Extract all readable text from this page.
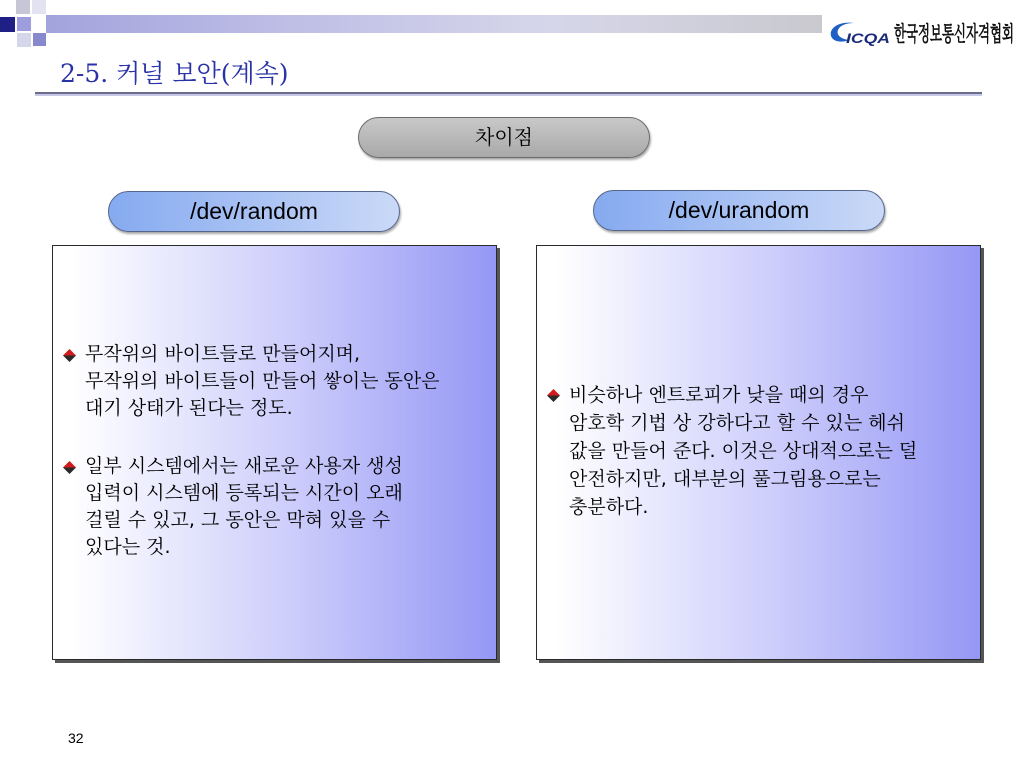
ICQA 한국정보통신자격협회
2-5. 커널 보안(계속)
차이점
/dev/random	/dev/urandom
무작위의 바이트들로 만들어지며,
무작위의 바이트들이 만들어 쌓이는 동안은
대기 상태가 된다는 정도.
일부 시스템에서는 새로운 사용자 생성
입력이 시스템에 등록되는 시간이 오래
걸릴 수 있고, 그 동안은 막혀 있을 수
있다는 것.
비슷하나 엔트로피가 낮을 때의 경우
암호학 기법 상 강하다고 할 수 있는 헤쉬
값을 만들어 준다. 이것은 상대적으로는 덜
안전하지만, 대부분의 풀그림용으로는
충분하다.
32
